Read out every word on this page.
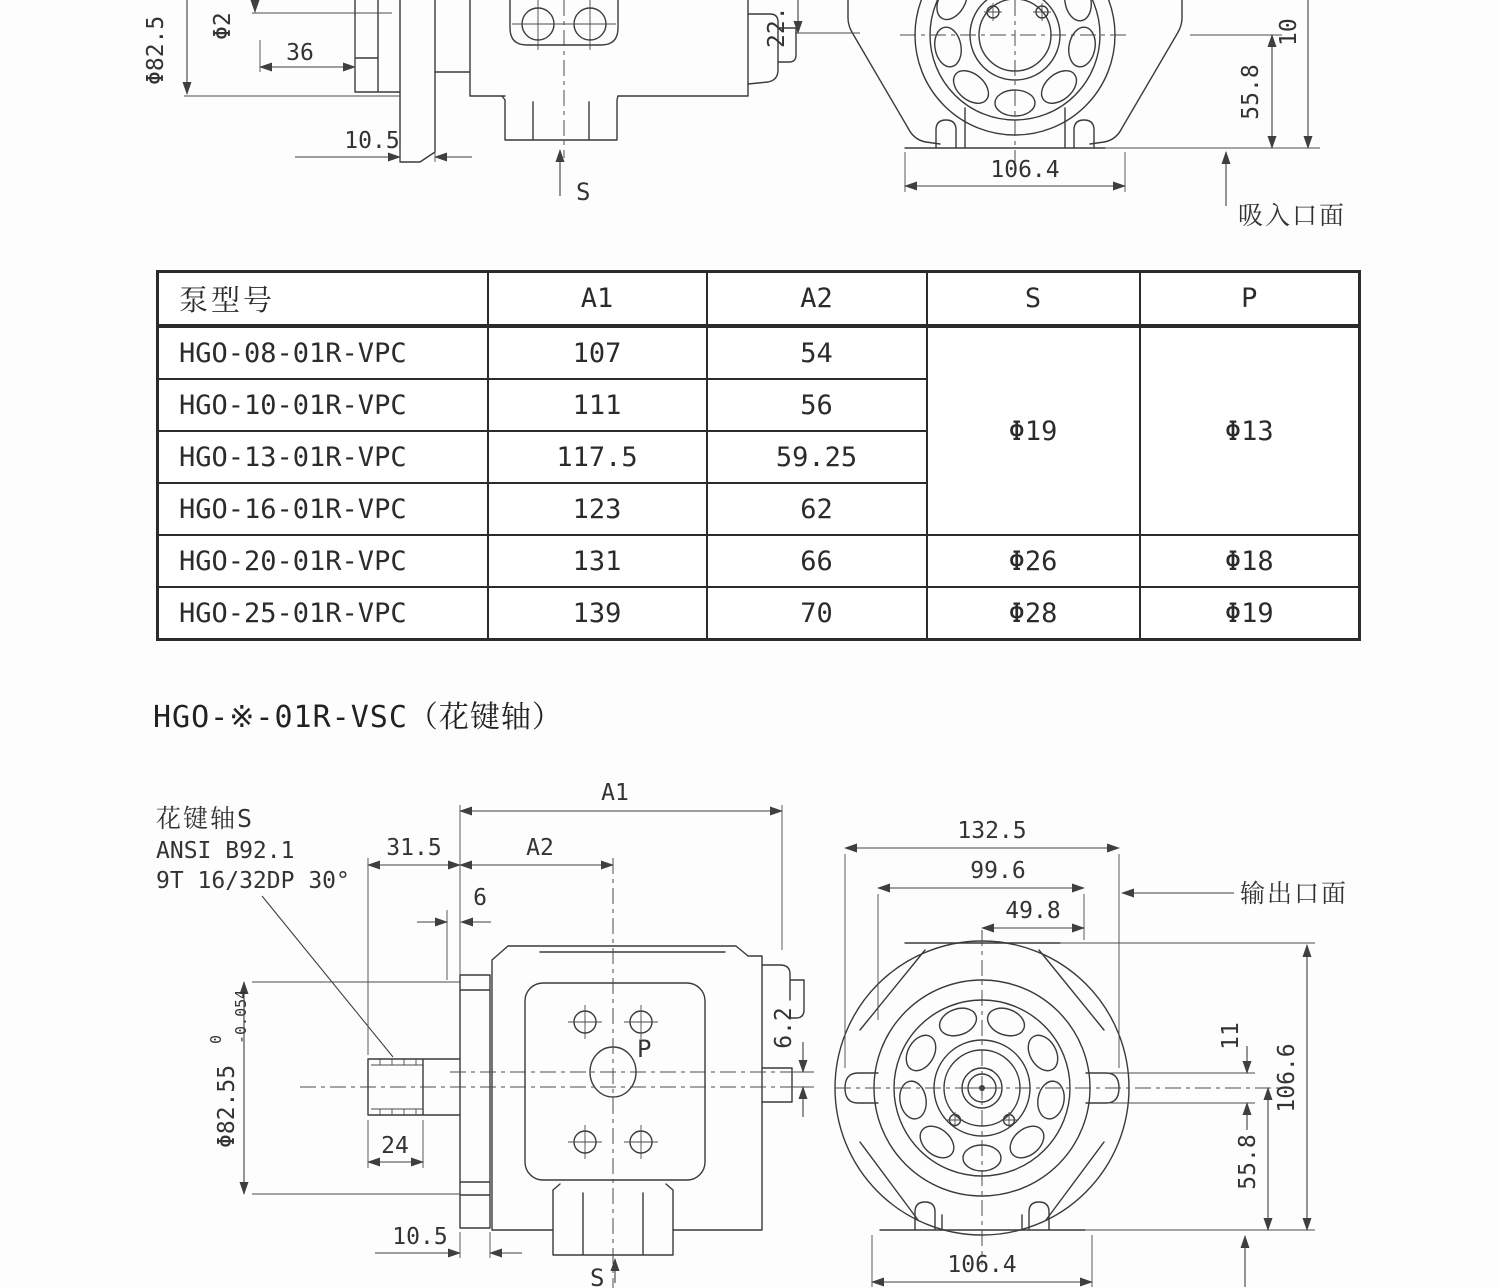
Φ82.5 Φ2
36
10.5
S
22.
106.4
55.8
10
吸入口面
泵型号	A1	A2	S	P
HGO-08-01R-VPC	107	54	Φ19	Φ13
HGO-10-01R-VPC	111	56		
HGO-13-01R-VPC	117.5	59.25		
HGO-16-01R-VPC	123	62		
HGO-20-01R-VPC	131	66	Φ26	Φ18
HGO-25-01R-VPC	139	70	Φ28	Φ19
HGO-※-01R-VSC（花键轴）
花键轴S
ANSI B92.1
9T 16/32DP 30°
P
A1
31.5	A2
6
Φ82.55
0 -0.054
24
10.5
6.2
S
132.5
99.6
49.8
输出口面
11
106.6
55.8
106.4
